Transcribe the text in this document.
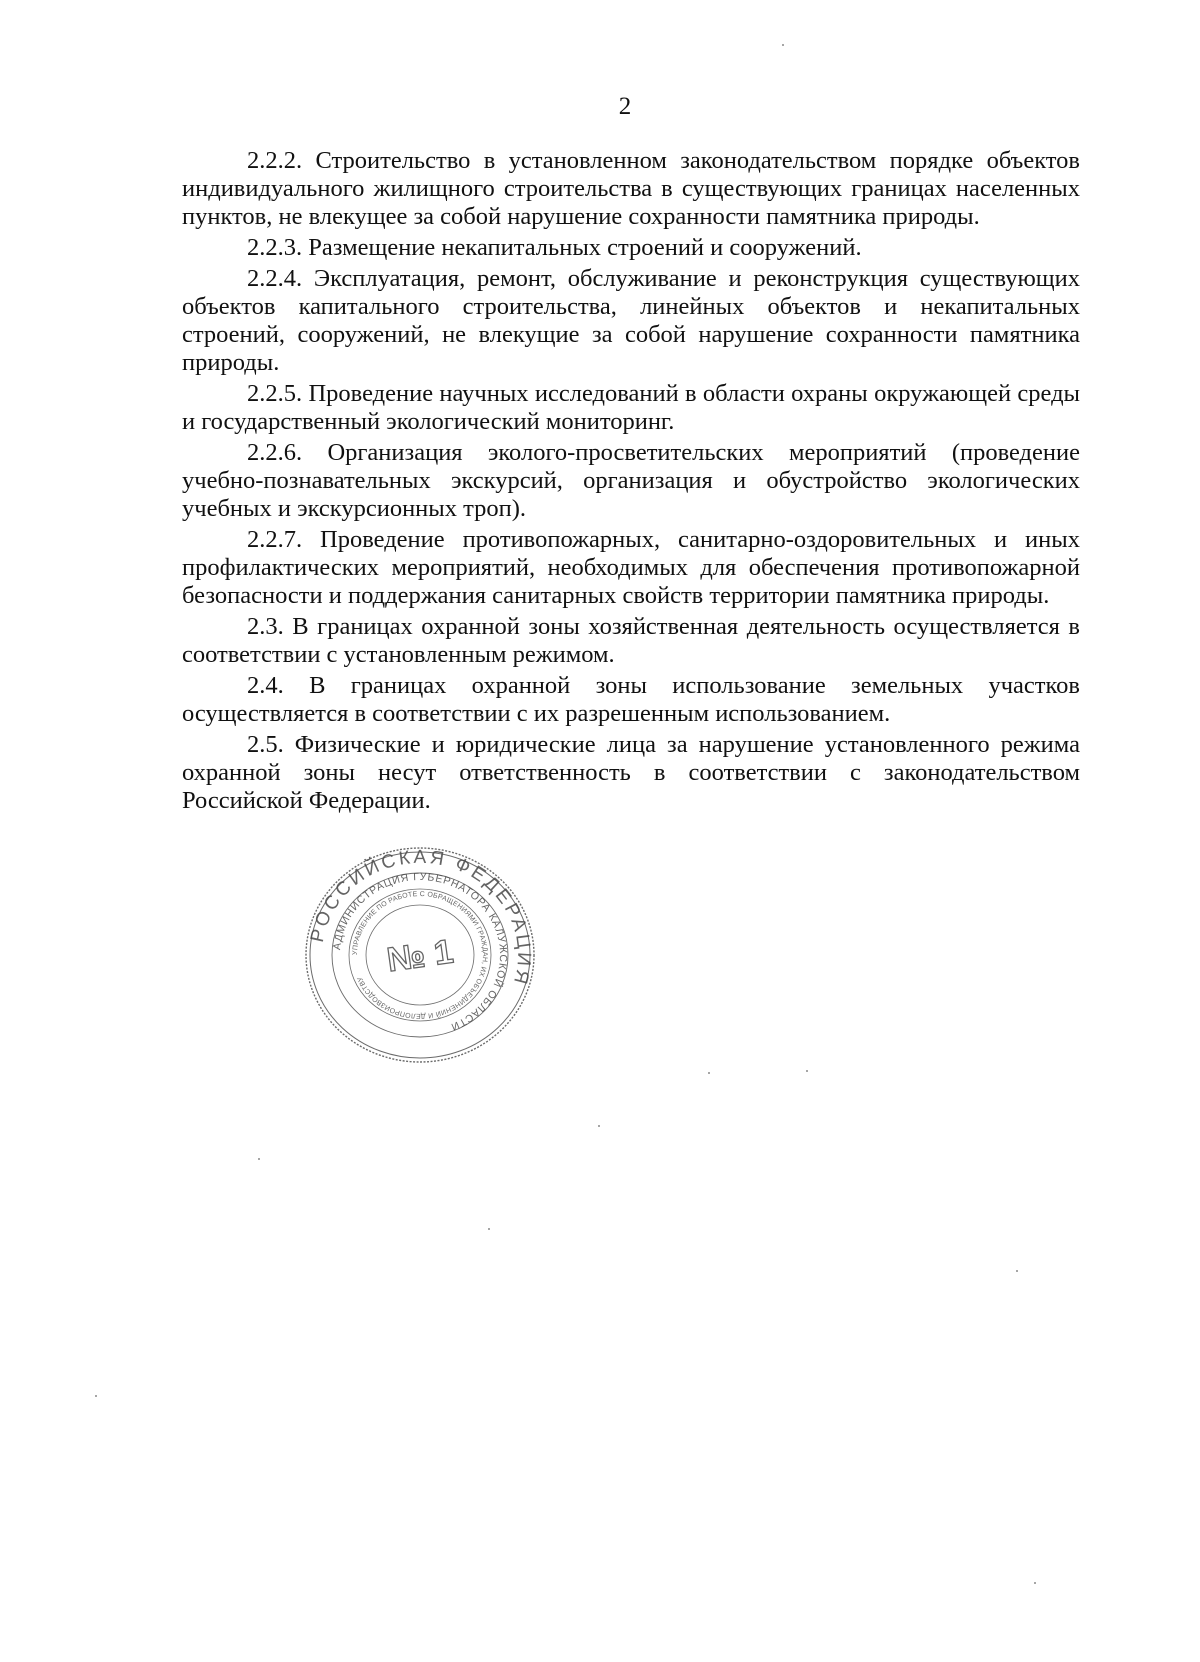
2

2.2.2. Строительство в установленном законодательством порядке объектов индивидуального жилищного строительства в существующих границах населенных пунктов, не влекущее за собой нарушение сохранности памятника природы.

2.2.3. Размещение некапитальных строений и сооружений.

2.2.4. Эксплуатация, ремонт, обслуживание и реконструкция существующих объектов капитального строительства, линейных объектов и некапитальных строений, сооружений, не влекущие за собой нарушение сохранности памятника природы.

2.2.5. Проведение научных исследований в области охраны окружающей среды и государственный экологический мониторинг.

2.2.6. Организация эколого-просветительских мероприятий (проведение учебно-познавательных экскурсий, организация и обустройство экологических учебных и экскурсионных троп).

2.2.7. Проведение противопожарных, санитарно-оздоровительных и иных профилактических мероприятий, необходимых для обеспечения противопожарной безопасности и поддержания санитарных свойств территории памятника природы.

2.3. В границах охранной зоны хозяйственная деятельность осуществляется в соответствии с установленным режимом.

2.4. В границах охранной зоны использование земельных участков осуществляется в соответствии с их разрешенным использованием.

2.5. Физические и юридические лица за нарушение установленного режима охранной зоны несут ответственность в соответствии с законодательством Российской Федерации.

РОССИЙСКАЯ ФЕДЕРАЦИЯ
АДМИНИСТРАЦИЯ ГУБЕРНАТОРА КАЛУЖСКОЙ ОБЛАСТИ
УПРАВЛЕНИЕ ПО РАБОТЕ С ОБРАЩЕНИЯМИ ГРАЖДАН, ИХ ОБЪЕДИНЕНИЙ И ДЕЛОПРОИЗВОДСТВУ № 1
